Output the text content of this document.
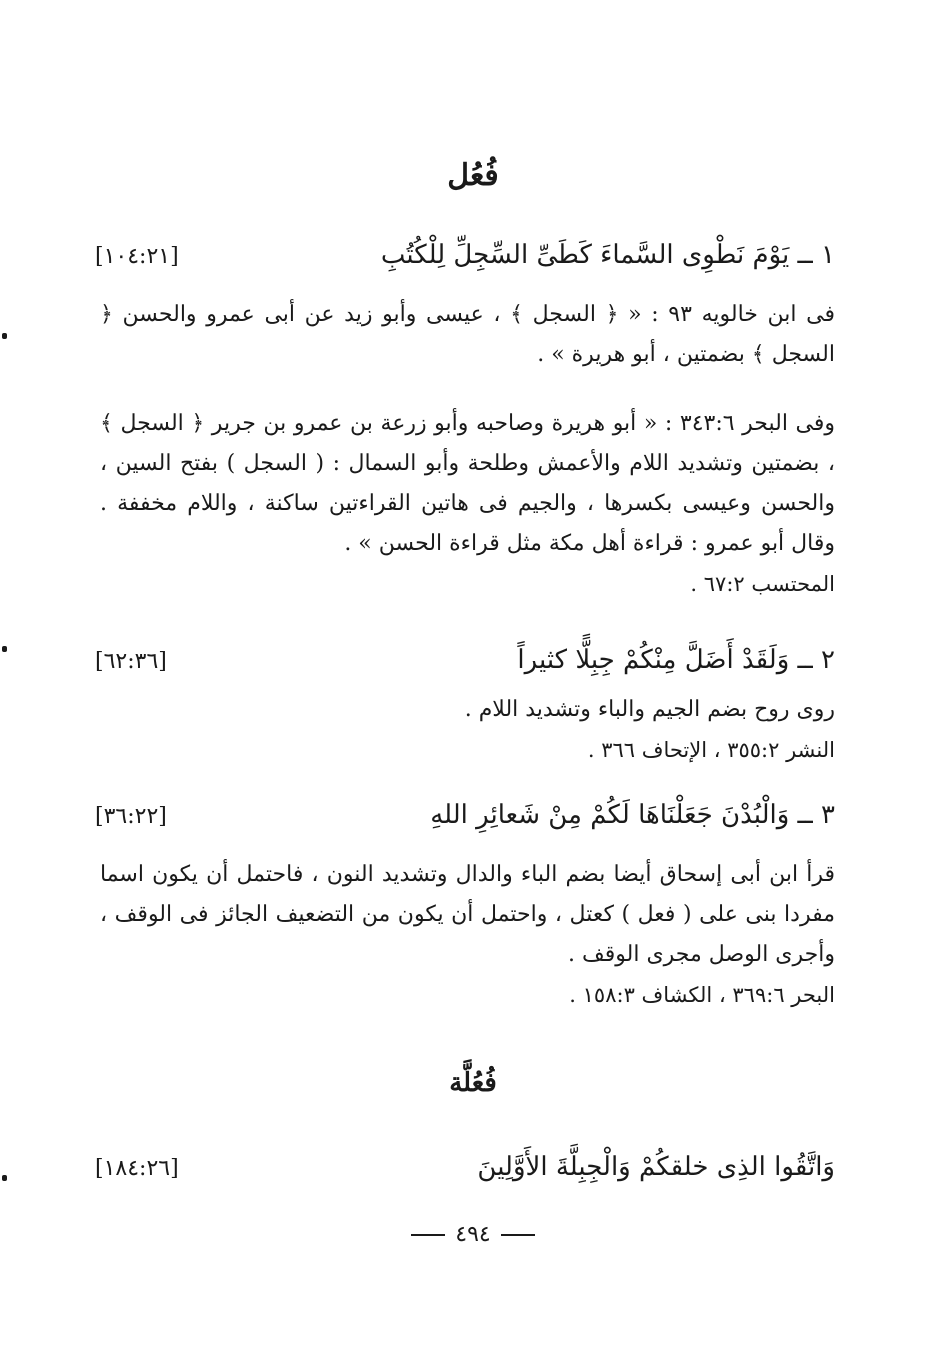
فُعُل
١ ــ يَوْمَ نَطْوِى السَّماءَ كَطَىِّ السِّجِلِّ لِلْكُتُبِ
[١٠٤:٢١]

فى ابن خالويه ٩٣ : « ﴿ السجل ﴾ ، عيسى وأبو زيد عن أبى عمرو والحسن ﴿ السجل ﴾ بضمتين ، أبو هريرة » .

وفى البحر ٣٤٣:٦ : « أبو هريرة وصاحبه وأبو زرعة بن عمرو بن جرير ﴿ السجل ﴾ ، بضمتين وتشديد اللام والأعمش وطلحة وأبو السمال : ( السجل ) بفتح السين ، والحسن وعيسى بكسرها ، والجيم فى هاتين القراءتين ساكنة ، واللام مخففة . وقال أبو عمرو : قراءة أهل مكة مثل قراءة الحسن » .

المحتسب ٦٧:٢ .

٢ ــ وَلَقَدْ أَضَلَّ مِنْكُمْ جِبِلًّا كثيراً
[٦٢:٣٦]

روى روح بضم الجيم والباء وتشديد اللام .

النشر ٣٥٥:٢ ، الإتحاف ٣٦٦ .

٣ ــ وَالْبُدْنَ جَعَلْنَاهَا لَكُمْ مِنْ شَعائِرِ اللهِ
[٣٦:٢٢]

قرأ ابن أبى إسحاق أيضا بضم الباء والدال وتشديد النون ، فاحتمل أن يكون اسما مفردا بنى على ( فعل ) كعتل ، واحتمل أن يكون من التضعيف الجائز فى الوقف ، وأجرى الوصل مجرى الوقف .

البحر ٣٦٩:٦ ، الكشاف ١٥٨:٣ .

فُعُلَّة
وَاتَّقُوا الذِى خلقكُمْ وَالْجِبِلَّةَ الأَوَّلِينَ
[١٨٤:٢٦]
٤٩٤
